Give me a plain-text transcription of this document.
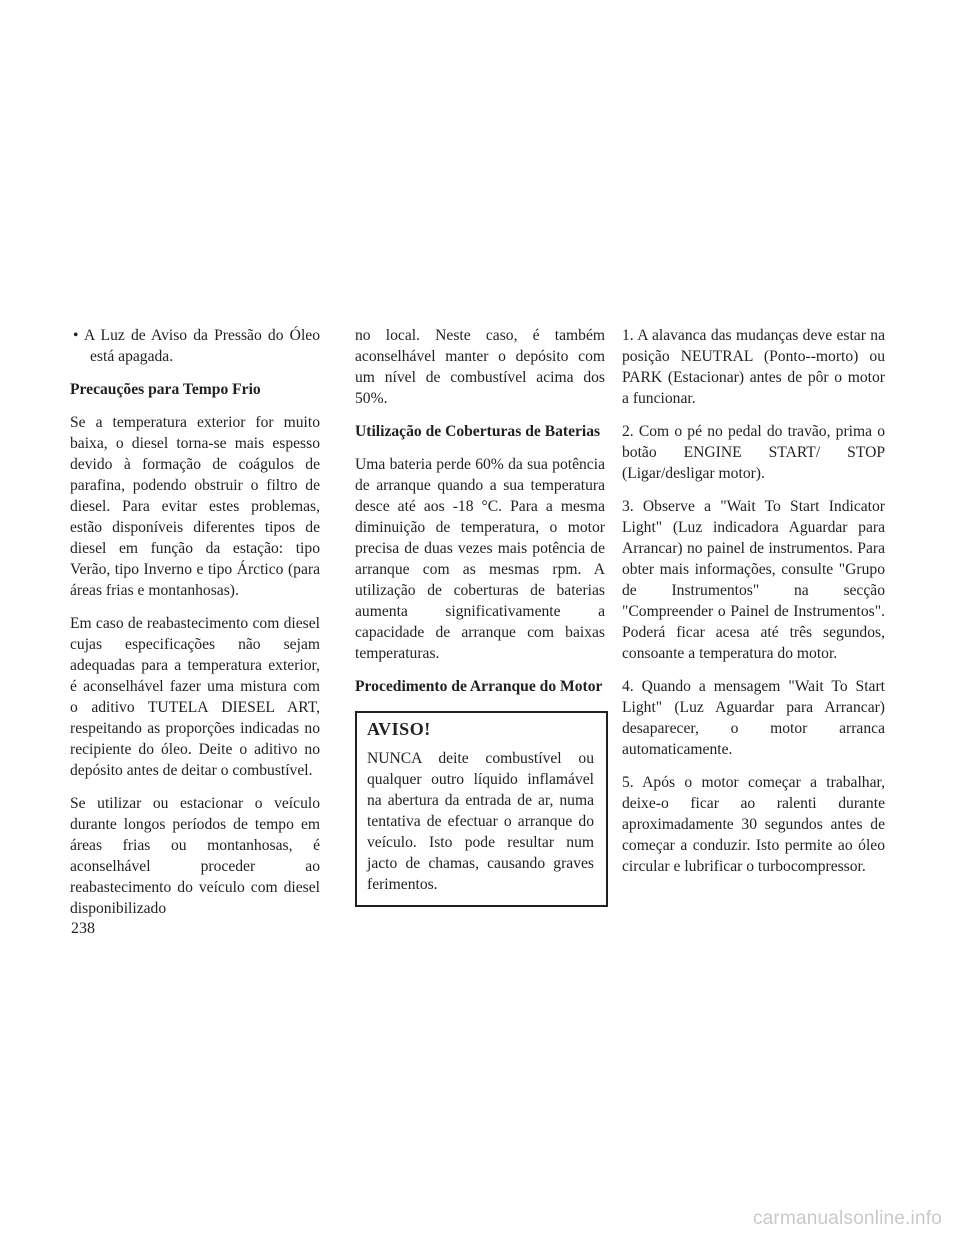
• A Luz de Aviso da Pressão do Óleo está apagada.

Precauções para Tempo Frio

Se a temperatura exterior for muito baixa, o diesel torna-se mais espesso devido à formação de coágulos de parafina, podendo obstruir o filtro de diesel. Para evitar estes problemas, estão disponíveis diferentes tipos de diesel em função da estação: tipo Verão, tipo Inverno e tipo Árctico (para áreas frias e montanhosas).

Em caso de reabastecimento com diesel cujas especificações não sejam adequadas para a temperatura exterior, é aconselhável fazer uma mistura com o aditivo TUTELA DIESEL ART, respeitando as proporções indicadas no recipiente do óleo. Deite o aditivo no depósito antes de deitar o combustível.

Se utilizar ou estacionar o veículo durante longos períodos de tempo em áreas frias ou montanhosas, é aconselhável proceder ao reabastecimento do veículo com diesel disponibilizado

no local. Neste caso, é também aconselhável manter o depósito com um nível de combustível acima dos 50%.

Utilização de Coberturas de Baterias

Uma bateria perde 60% da sua potência de arranque quando a sua temperatura desce até aos -18 °C. Para a mesma diminuição de temperatura, o motor precisa de duas vezes mais potência de arranque com as mesmas rpm. A utilização de coberturas de baterias aumenta significativamente a capacidade de arranque com baixas temperaturas.

Procedimento de Arranque do Motor
AVISO!

NUNCA deite combustível ou qualquer outro líquido inflamável na abertura da entrada de ar, numa tentativa de efectuar o arranque do veículo. Isto pode resultar num jacto de chamas, causando graves ferimentos.

1. A alavanca das mudanças deve estar na posição NEUTRAL (Ponto--morto) ou PARK (Estacionar) antes de pôr o motor a funcionar.

2. Com o pé no pedal do travão, prima o botão ENGINE START/ STOP (Ligar/desligar motor).

3. Observe a "Wait To Start Indicator Light" (Luz indicadora Aguardar para Arrancar) no painel de instrumentos. Para obter mais informações, consulte "Grupo de Instrumentos" na secção "Compreender o Painel de Instrumentos". Poderá ficar acesa até três segundos, consoante a temperatura do motor.

4. Quando a mensagem "Wait To Start Light" (Luz Aguardar para Arrancar) desaparecer, o motor arranca automaticamente.

5. Após o motor começar a trabalhar, deixe-o ficar ao ralenti durante aproximadamente 30 segundos antes de começar a conduzir. Isto permite ao óleo circular e lubrificar o turbocompressor.

238
carmanualsonline.info
